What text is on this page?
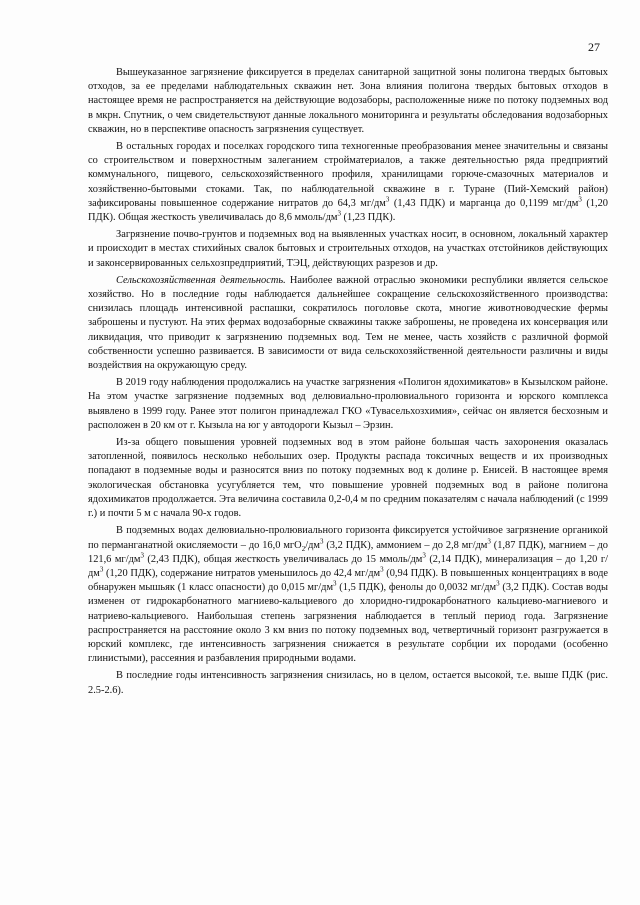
27

Вышеуказанное загрязнение фиксируется в пределах санитарной защитной зоны полигона твердых бытовых отходов, за ее пределами наблюдательных скважин нет. Зона влияния полигона твердых бытовых отходов в настоящее время не распространяется на действующие водозаборы, расположенные ниже по потоку подземных вод в мкрн. Спутник, о чем свидетельствуют данные локального мониторинга и результаты обследования водозаборных скважин, но в перспективе опасность загрязнения существует.

В остальных городах и поселках городского типа техногенные преобразования менее значительны и связаны со строительством и поверхностным залеганием стройматериалов, а также деятельностью ряда предприятий коммунального, пищевого, сельскохозяйственного профиля, хранилищами горюче-смазочных материалов и хозяйственно-бытовыми стоками. Так, по наблюдательной скважине в г. Туране (Пий-Хемский район) зафиксированы повышенное содержание нитратов до 64,3 $мг/дм^3$ (1,43 ПДК) и марганца до 0,1199 $мг/дм^3$ (1,20 ПДК). Общая жесткость увеличивалась до 8,6 ммоль/$дм^3$ (1,23 ПДК).

Загрязнение почво-грунтов и подземных вод на выявленных участках носит, в основном, локальный характер и происходит в местах стихийных свалок бытовых и строительных отходов, на участках отстойников действующих и законсервированных сельхозпредприятий, ТЭЦ, действующих разрезов и др.

Сельскохозяйственная деятельность. Наиболее важной отраслью экономики республики является сельское хозяйство. Но в последние годы наблюдается дальнейшее сокращение сельскохозяйственного производства: снизилась площадь интенсивной распашки, сократилось поголовье скота, многие животноводческие фермы заброшены и пустуют. На этих фермах водозаборные скважины также заброшены, не проведена их консервация или ликвидация, что приводит к загрязнению подземных вод. Тем не менее, часть хозяйств с различной формой собственности успешно развивается. В зависимости от вида сельскохозяйственной деятельности различны и виды воздействия на окружающую среду.

В 2019 году наблюдения продолжались на участке загрязнения «Полигон ядохимикатов» в Кызылском районе. На этом участке загрязнение подземных вод делювиально-пролювиального горизонта и юрского комплекса выявлено в 1999 году. Ранее этот полигон принадлежал ГКО «Тувасельхозхимия», сейчас он является бесхозным и расположен в 20 км от г. Кызыла на юг у автодороги Кызыл – Эрзин.

Из-за общего повышения уровней подземных вод в этом районе большая часть захоронения оказалась затопленной, появилось несколько небольших озер. Продукты распада токсичных веществ и их производных попадают в подземные воды и разносятся вниз по потоку подземных вод к долине р. Енисей. В настоящее время экологическая обстановка усугубляется тем, что повышение уровней подземных вод в районе полигона ядохимикатов продолжается. Эта величина составила 0,2-0,4 м по средним показателям с начала наблюдений (с 1999 г.) и почти 5 м с начала 90-х годов.

В подземных водах делювиально-пролювиального горизонта фиксируется устойчивое загрязнение органикой по перманганатной окисляемости – до 16,0 $мгО_2/дм^3$ (3,2 ПДК), аммонием – до 2,8 $мг/дм^3$ (1,87 ПДК), магнием – до 121,6 $мг/дм^3$ (2,43 ПДК), общая жесткость увеличивалась до 15 ммоль/$дм^3$ (2,14 ПДК), минерализация – до 1,20 $г/дм^3$ (1,20 ПДК), содержание нитратов уменьшилось до 42,4 $мг/дм^3$ (0,94 ПДК). В повышенных концентрациях в воде обнаружен мышьяк (1 класс опасности) до 0,015 $мг/дм^3$ (1,5 ПДК), фенолы до 0,0032 $мг/дм^3$ (3,2 ПДК). Состав воды изменен от гидрокарбонатного магниево-кальциевого до хлоридно-гидрокарбонатного кальциево-магниевого и натриево-кальциевого. Наибольшая степень загрязнения наблюдается в теплый период года. Загрязнение распространяется на расстояние около 3 км вниз по потоку подземных вод, четвертичный горизонт разгружается в юрский комплекс, где интенсивность загрязнения снижается в результате сорбции их породами (особенно глинистыми), рассеяния и разбавления природными водами.

В последние годы интенсивность загрязнения снизилась, но в целом, остается высокой, т.е. выше ПДК (рис. 2.5-2.6).
